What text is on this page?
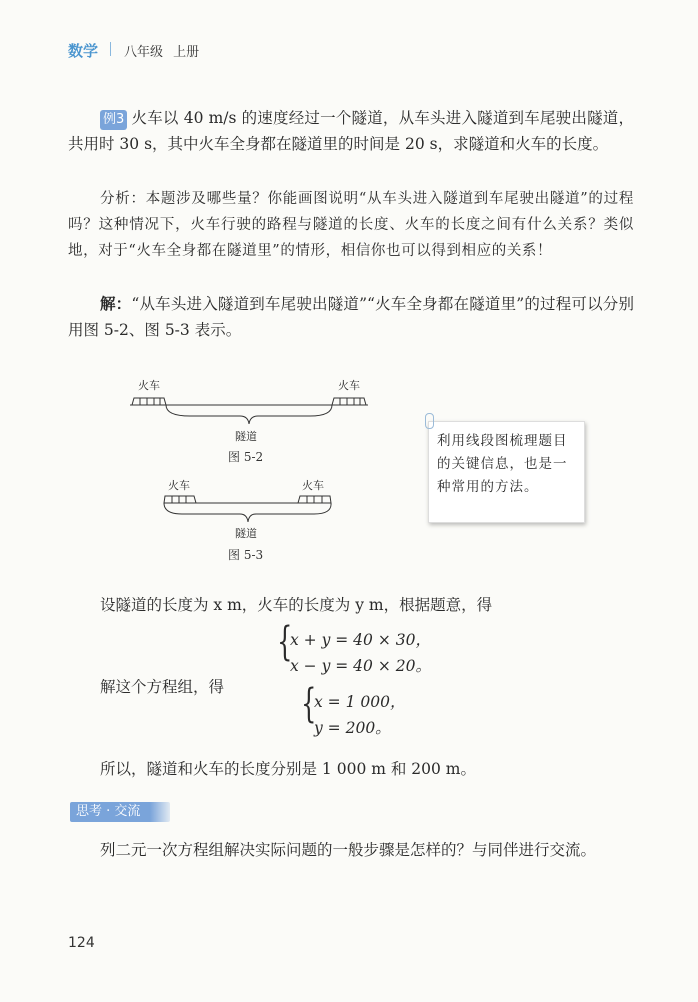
数学 八年级 上册
例3 火车以 40 m/s 的速度经过一个隧道，从车头进入隧道到车尾驶出隧道，共用时 30 s，其中火车全身都在隧道里的时间是 20 s，求隧道和火车的长度。
分析：本题涉及哪些量？你能画图说明“从车头进入隧道到车尾驶出隧道”的过程吗？这种情况下，火车行驶的路程与隧道的长度、火车的长度之间有什么关系？类似地，对于“火车全身都在隧道里”的情形，相信你也可以得到相应的关系！
解：“从车头进入隧道到车尾驶出隧道”“火车全身都在隧道里”的过程可以分别用图 5-2、图 5-3 表示。
火车	火车
隧道
图 5-2
火车	火车
隧道
图 5-3
利用线段图梳理题目的关键信息，也是一种常用的方法。
设隧道的长度为 x m，火车的长度为 y m，根据题意，得
{
x + y = 40 × 30，
x − y = 40 × 20。
解这个方程组，得	{
x = 1 000，
y = 200。
所以，隧道和火车的长度分别是 1 000 m 和 200 m。
思考 · 交流
列二元一次方程组解决实际问题的一般步骤是怎样的？与同伴进行交流。
124
